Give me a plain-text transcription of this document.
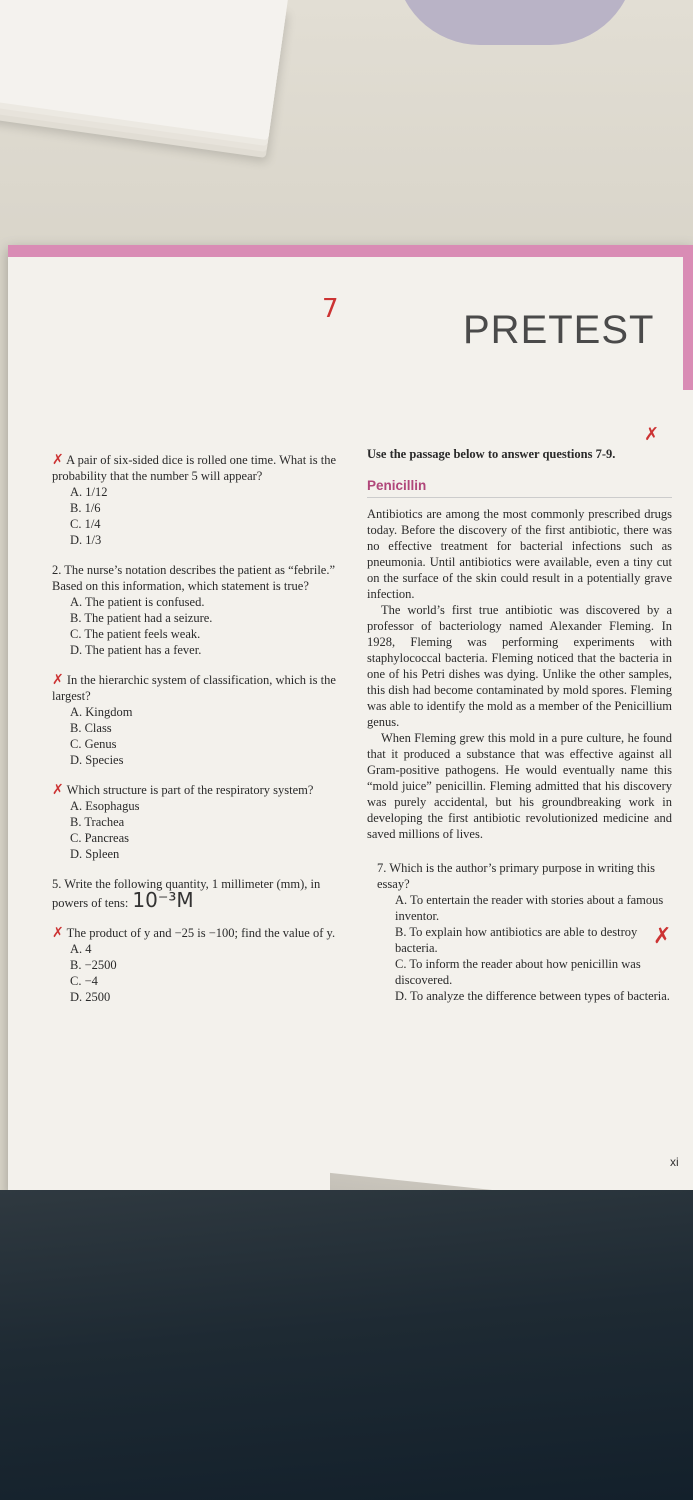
7
✗
✗
PRETEST

✗ A pair of six-sided dice is rolled one time. What is the probability that the number 5 will appear?

A. 1/12

B. 1/6

C. 1/4

D. 1/3

2. The nurse’s notation describes the patient as “febrile.” Based on this information, which statement is true?

A. The patient is confused.

B. The patient had a seizure.

C. The patient feels weak.

D. The patient has a fever.

✗ In the hierarchic system of classification, which is the largest?

A. Kingdom

B. Class

C. Genus

D. Species

✗ Which structure is part of the respiratory system?

A. Esophagus

B. Trachea

C. Pancreas

D. Spleen

5. Write the following quantity, 1 millimeter (mm), in powers of tens: 10⁻³M

✗ The product of y and −25 is −100; find the value of y.

A. 4

B. −2500

C. −4

D. 2500

Use the passage below to answer questions 7-9.
Penicillin

Antibiotics are among the most commonly prescribed drugs today. Before the discovery of the first antibiotic, there was no effective treatment for bacterial infections such as pneumonia. Until antibiotics were available, even a tiny cut on the surface of the skin could result in a potentially grave infection.

The world’s first true antibiotic was discovered by a professor of bacteriology named Alexander Fleming. In 1928, Fleming was performing experiments with staphylococcal bacteria. Fleming noticed that the bacteria in one of his Petri dishes was dying. Unlike the other samples, this dish had become contaminated by mold spores. Fleming was able to identify the mold as a member of the Penicillium genus.

When Fleming grew this mold in a pure culture, he found that it produced a substance that was effective against all Gram-positive pathogens. He would eventually name this “mold juice” penicillin. Fleming admitted that his discovery was purely accidental, but his groundbreaking work in developing the first antibiotic revolutionized medicine and saved millions of lives.

7. Which is the author’s primary purpose in writing this essay?

A. To entertain the reader with stories about a famous inventor.

B. To explain how antibiotics are able to destroy bacteria.

C. To inform the reader about how penicillin was discovered.

D. To analyze the difference between types of bacteria.

xi
